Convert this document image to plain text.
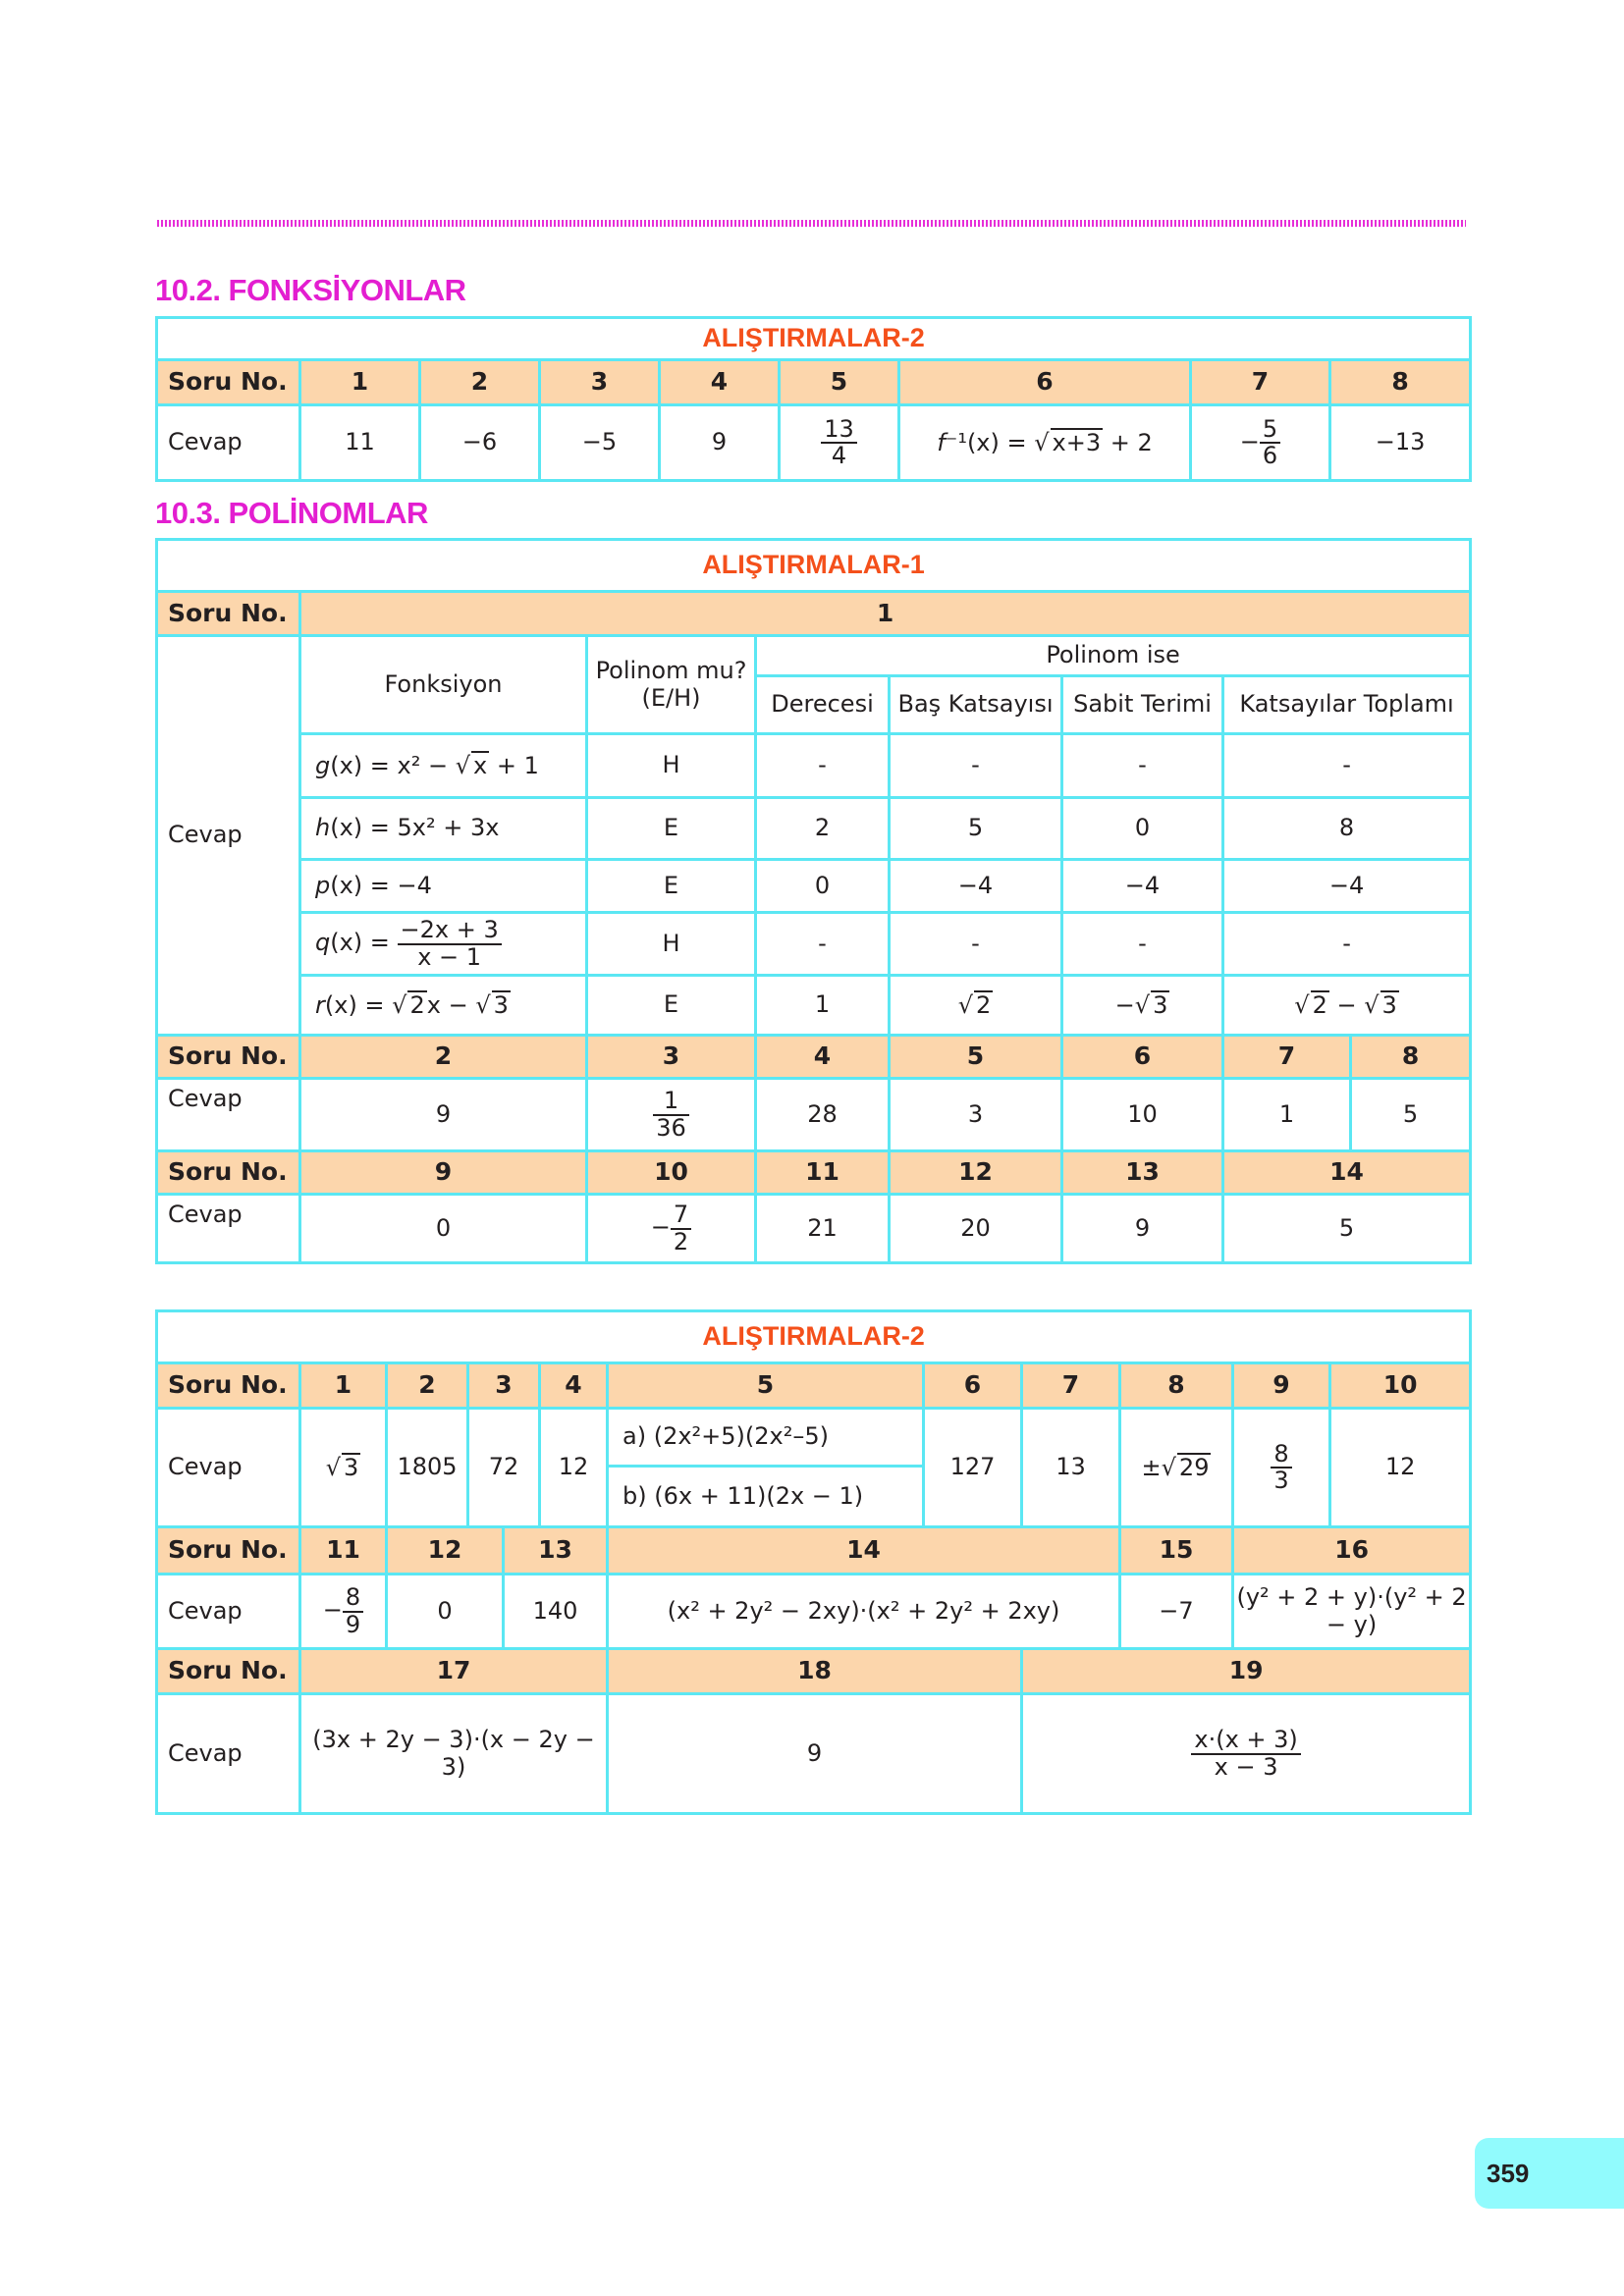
10.2. FONKSİYONLAR
ALIŞTIRMALAR-2								
Soru No.	1	2	3	4	5	6	7	8
Cevap	11	−6	−5	9	$\frac{13}{4}$	f⁻¹(x) = √ x+3 + 2	− $\frac{5}{6}$	−13
10.3. POLİNOMLAR
ALIŞTIRMALAR-1							
Soru No.	1						
Cevap	Fonksiyon	Polinom mu? (E/H)	Polinom ise				
			Derecesi	Baş Katsayısı	Sabit Terimi	Katsayılar Toplamı	
	g(x) = x² − √ x + 1	H	-	-	-	-	
	h(x) = 5x² + 3x	E	2	5	0	8	
	p(x) = −4	E	0	−4	−4	−4	
	$q(x) = \frac{-2x + 3}{x - 1}$	H	-	-	-	-	
	r(x) = √ 2x − √ 3	E	1	√ 2	−√ 3	√ 2 − √ 3	
Soru No.	2	3	4	5	6	7	8
Cevap	9	$\frac{1}{36}$	28	3	10	1	5
Soru No.	9	10	11	12	13	14	
Cevap	0	− $\frac{7}{2}$	21	20	9	5	
ALIŞTIRMALAR-2											
Soru No.	1	2	3		4	5	6	7	8	9	10
Cevap	√ 3	1805	72		12	a) (2x²+5)(2x²–5)	127	13	±√ 29	$\frac{8}{3}$	12
						b) (6x + 11)(2x − 1)					
Soru No.	11	12		13		14			15	16	
Cevap	− $\frac{8}{9}$	0		140		(x² + 2y² − 2xy)·(x² + 2y² + 2xy)			−7	(y² + 2 + y)·(y² + 2 − y)	
Soru No.	17					18		19			
Cevap	(3x + 2y − 3)·(x − 2y − 3)					9		$\frac{x\cdot(x + 3)}{x - 3}$
359
